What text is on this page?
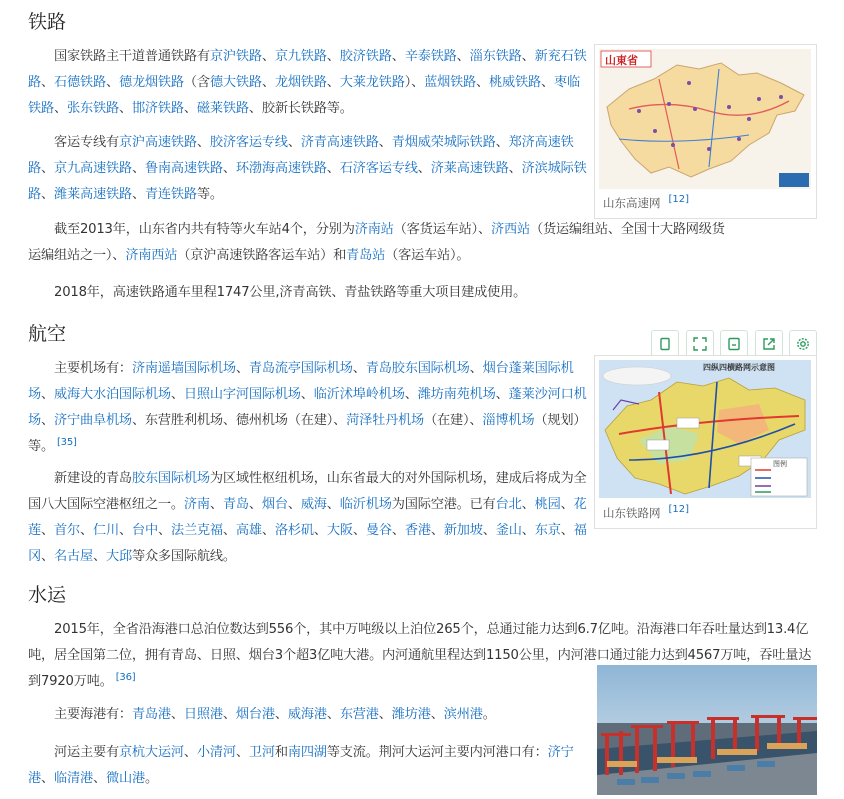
铁路

国家铁路主干道普通铁路有京沪铁路、京九铁路、胶济铁路、辛泰铁路、淄东铁路、新兖石铁路、石德铁路、德龙烟铁路（含德大铁路、龙烟铁路、大莱龙铁路）、蓝烟铁路、桃威铁路、枣临铁路、张东铁路、邯济铁路、磁莱铁路、胶新长铁路等。

客运专线有京沪高速铁路、胶济客运专线、济青高速铁路、青烟威荣城际铁路、郑济高速铁路、京九高速铁路、鲁南高速铁路、环渤海高速铁路、石济客运专线、济莱高速铁路、济滨城际铁路、潍莱高速铁路、青连铁路等。

截至2013年，山东省内共有特等火车站4个，分别为济南站（客货运车站）、济西站（货运编组站、全国十大路网级货运编组站之一）、济南西站（京沪高速铁路客运车站）和青岛站（客运车站）。

2018年，高速铁路通车里程1747公里,济青高铁、青盐铁路等重大项目建成使用。

山東省
山东高速网 [12]
航空

主要机场有：济南遥墙国际机场、青岛流亭国际机场、青岛胶东国际机场、烟台蓬莱国际机场、威海大水泊国际机场、日照山字河国际机场、临沂沭埠岭机场、潍坊南苑机场、蓬莱沙河口机场、济宁曲阜机场、东营胜利机场、德州机场（在建）、菏泽牡丹机场（在建）、淄博机场（规划）等。 [35]

新建设的青岛胶东国际机场为区域性枢纽机场，山东省最大的对外国际机场，建成后将成为全国八大国际空港枢纽之一。济南、青岛、烟台、威海、临沂机场为国际空港。已有台北、桃园、花莲、首尔、仁川、台中、法兰克福、高雄、洛杉矶、大阪、曼谷、香港、新加坡、釜山、东京、福冈、名古屋、大邱等众多国际航线。

四纵四横路网示意图
图例
山东铁路网 [12]
水运

2015年，全省沿海港口总泊位数达到556个，其中万吨级以上泊位265个，总通过能力达到6.7亿吨。沿海港口年吞吐量达到13.4亿吨，居全国第二位，拥有青岛、日照、烟台3个超3亿吨大港。内河通航里程达到1150公里，内河港口通过能力达到4567万吨，吞吐量达到7920万吨。 [36]

主要海港有：青岛港、日照港、烟台港、威海港、东营港、潍坊港、滨州港。

河运主要有京杭大运河、小清河、卫河和南四湖等支流。荆河大运河主要内河港口有：济宁港、临清港、微山港。
